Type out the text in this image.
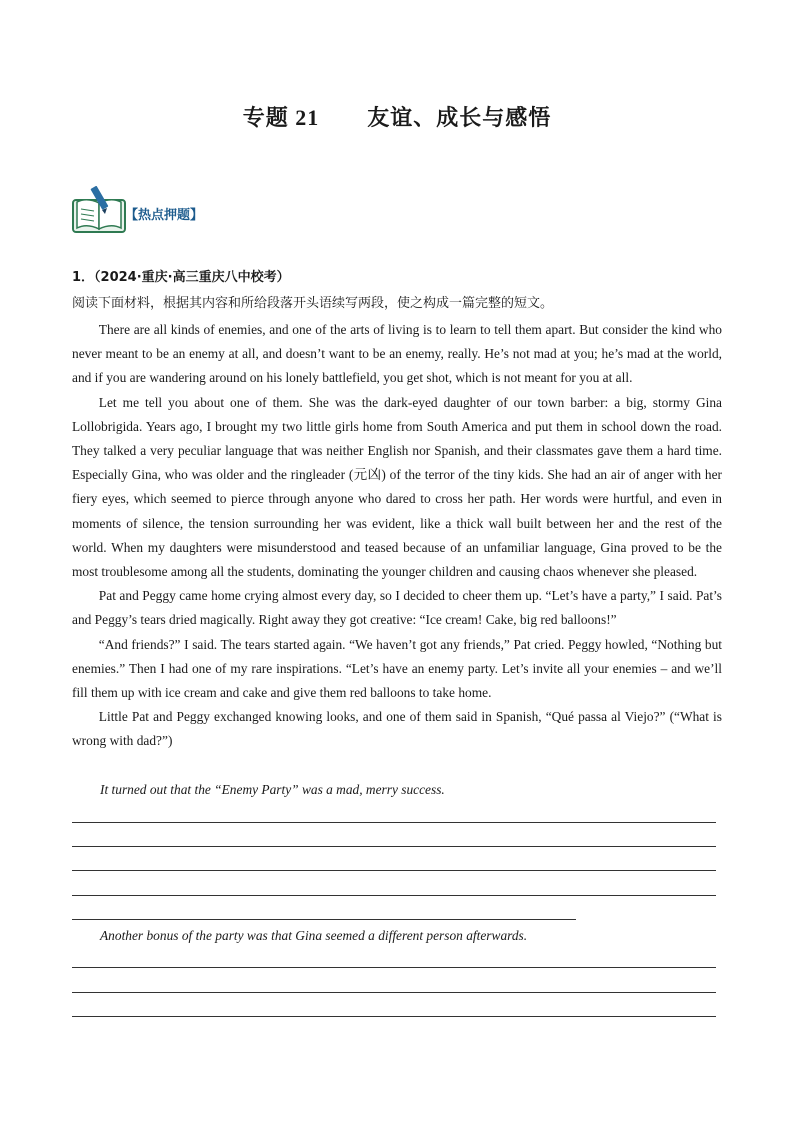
专题 21 友谊、成长与感悟
【热点押题】
1．（2024·重庆·高三重庆八中校考）
阅读下面材料，根据其内容和所给段落开头语续写两段，使之构成一篇完整的短文。

There are all kinds of enemies, and one of the arts of living is to learn to tell them apart. But consider the kind who never meant to be an enemy at all, and doesn’t want to be an enemy, really. He’s not mad at you; he’s mad at the world, and if you are wandering around on his lonely battlefield, you get shot, which is not meant for you at all.

Let me tell you about one of them. She was the dark-eyed daughter of our town barber: a big, stormy Gina Lollobrigida. Years ago, I brought my two little girls home from South America and put them in school down the road. They talked a very peculiar language that was neither English nor Spanish, and their classmates gave them a hard time. Especially Gina, who was older and the ringleader (元凶) of the terror of the tiny kids. She had an air of anger with her fiery eyes, which seemed to pierce through anyone who dared to cross her path. Her words were hurtful, and even in moments of silence, the tension surrounding her was evident, like a thick wall built between her and the rest of the world. When my daughters were misunderstood and teased because of an unfamiliar language, Gina proved to be the most troublesome among all the students, dominating the younger children and causing chaos whenever she pleased.

Pat and Peggy came home crying almost every day, so I decided to cheer them up. “Let’s have a party,” I said. Pat’s and Peggy’s tears dried magically. Right away they got creative: “Ice cream! Cake, big red balloons!”

“And friends?” I said. The tears started again. “We haven’t got any friends,” Pat cried. Peggy howled, “Nothing but enemies.” Then I had one of my rare inspirations. “Let’s have an enemy party. Let’s invite all your enemies – and we’ll fill them up with ice cream and cake and give them red balloons to take home.

Little Pat and Peggy exchanged knowing looks, and one of them said in Spanish, “Qué passa al Viejo?” (“What is wrong with dad?”)

It turned out that the “Enemy Party” was a mad, merry success.
Another bonus of the party was that Gina seemed a different person afterwards.
